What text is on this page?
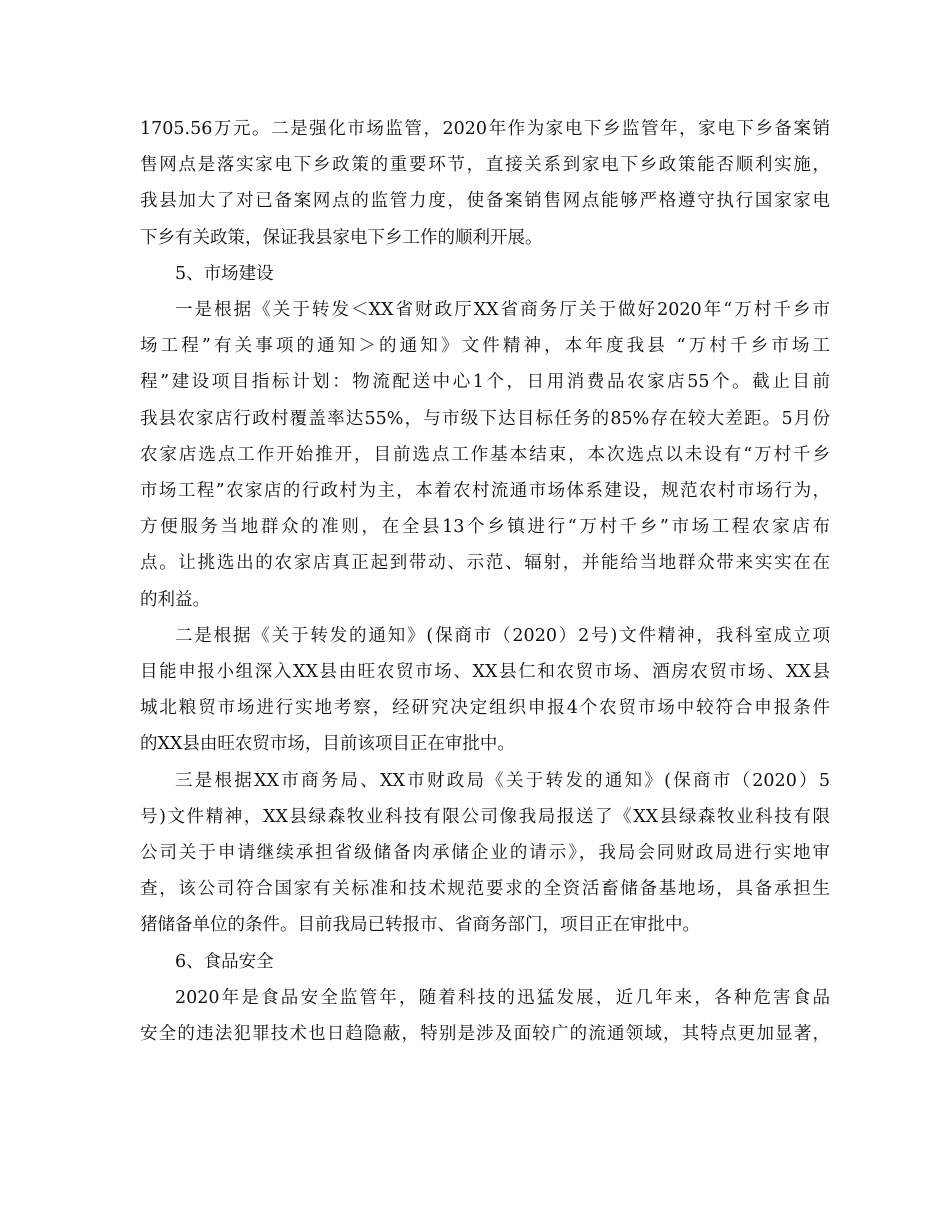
1705.56万元。二是强化市场监管，2020年作为家电下乡监管年，家电下乡备案销
售网点是落实家电下乡政策的重要环节，直接关系到家电下乡政策能否顺利实施，
我县加大了对已备案网点的监管力度，使备案销售网点能够严格遵守执行国家家电
下乡有关政策，保证我县家电下乡工作的顺利开展。
5、市场建设
一是根据《关于转发＜XX省财政厅XX省商务厅关于做好2020年“万村千乡市
场工程”有关事项的通知＞的通知》文件精神，本年度我县 “万村千乡市场工
程”建设项目指标计划：物流配送中心1个，日用消费品农家店55个。截止目前
我县农家店行政村覆盖率达55%，与市级下达目标任务的85%存在较大差距。5月份
农家店选点工作开始推开，目前选点工作基本结束，本次选点以未设有“万村千乡
市场工程”农家店的行政村为主，本着农村流通市场体系建设，规范农村市场行为，
方便服务当地群众的准则，在全县13个乡镇进行“万村千乡”市场工程农家店布
点。让挑选出的农家店真正起到带动、示范、辐射，并能给当地群众带来实实在在
的利益。
二是根据《关于转发的通知》(保商市（2020）2号)文件精神，我科室成立项
目能申报小组深入XX县由旺农贸市场、XX县仁和农贸市场、酒房农贸市场、XX县
城北粮贸市场进行实地考察，经研究决定组织申报4个农贸市场中较符合申报条件
的XX县由旺农贸市场，目前该项目正在审批中。
三是根据XX市商务局、XX市财政局《关于转发的通知》(保商市（2020）5
号)文件精神，XX县绿森牧业科技有限公司像我局报送了《XX县绿森牧业科技有限
公司关于申请继续承担省级储备肉承储企业的请示》，我局会同财政局进行实地审
查，该公司符合国家有关标准和技术规范要求的全资活畜储备基地场，具备承担生
猪储备单位的条件。目前我局已转报市、省商务部门，项目正在审批中。
6、食品安全
2020年是食品安全监管年，随着科技的迅猛发展，近几年来，各种危害食品
安全的违法犯罪技术也日趋隐蔽，特别是涉及面较广的流通领域，其特点更加显著，
